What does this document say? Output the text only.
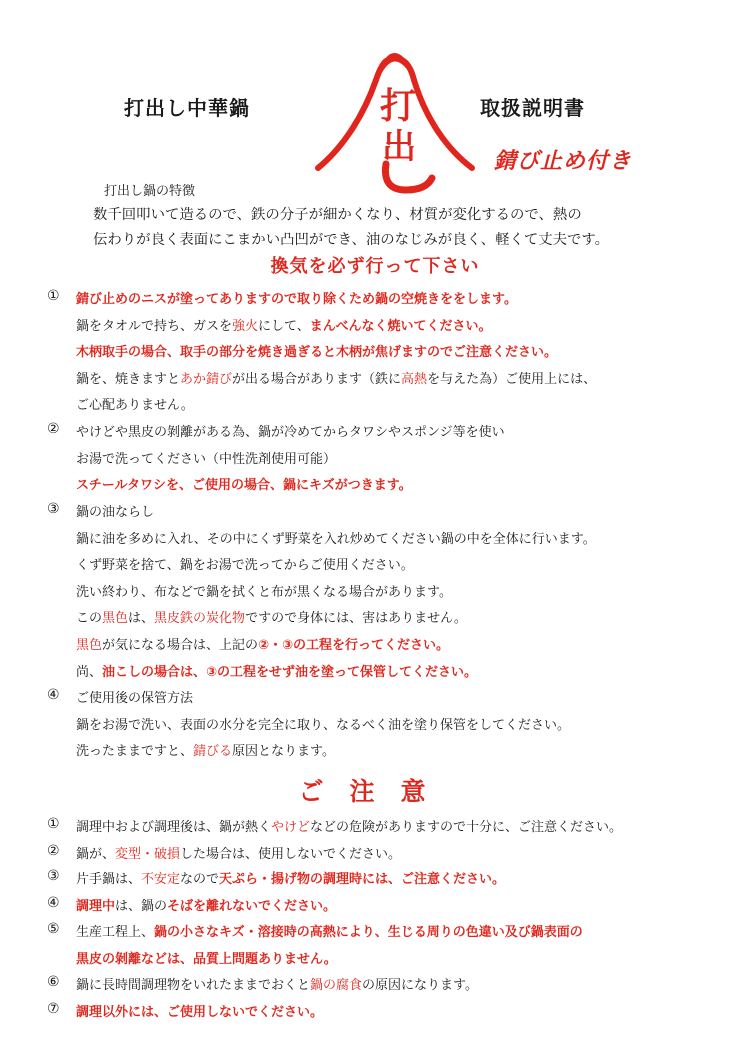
打出し中華鍋	打
出
取扱説明書
錆び止め付き
打出し鍋の特徴
数千回叩いて造るので、鉄の分子が細かくなり、材質が変化するので、熱の
伝わりが良く表面にこまかい凸凹ができ、油のなじみが良く、軽くて丈夫です。
換気を必ず行って下さい
① 錆び止めのニスが塗ってありますので取り除くため鍋の空焼きををします。
鍋をタオルで持ち、ガスを強火にして、まんべんなく焼いてください。
木柄取手の場合、取手の部分を焼き過ぎると木柄が焦げますのでご注意ください。
鍋を、焼きますとあか錆びが出る場合があります（鉄に高熱を与えた為）ご使用上には、
ご心配ありません。
② やけどや黒皮の剝離がある為、鍋が冷めてからタワシやスポンジ等を使い
お湯で洗ってください（中性洗剤使用可能）
スチールタワシを、ご使用の場合、鍋にキズがつきます。
③ 鍋の油ならし
鍋に油を多めに入れ、その中にくず野菜を入れ炒めてください鍋の中を全体に行います。
くず野菜を捨て、鍋をお湯で洗ってからご使用ください。
洗い終わり、布などで鍋を拭くと布が黒くなる場合があります。
この黒色は、黒皮鉄の炭化物ですので身体には、害はありません。
黒色が気になる場合は、上記の②・③の工程を行ってください。
尚、油こしの場合は、③の工程をせず油を塗って保管してください。
④ ご使用後の保管方法
鍋をお湯で洗い、表面の水分を完全に取り、なるべく油を塗り保管をしてください。
洗ったままですと、錆びる原因となります。
ご注意
① 調理中および調理後は、鍋が熱くやけどなどの危険がありますので十分に、ご注意ください。
② 鍋が、変型・破損した場合は、使用しないでください。
③ 片手鍋は、不安定なので天ぷら・揚げ物の調理時には、ご注意ください。
④ 調理中は、鍋のそばを離れないでください。
⑤ 生産工程上、鍋の小さなキズ・溶接時の高熱により、生じる周りの色違い及び鍋表面の
黒皮の剝離などは、品質上問題ありません。
⑥ 鍋に長時間調理物をいれたままでおくと鍋の腐食の原因になります。
⑦ 調理以外には、ご使用しないでください。
